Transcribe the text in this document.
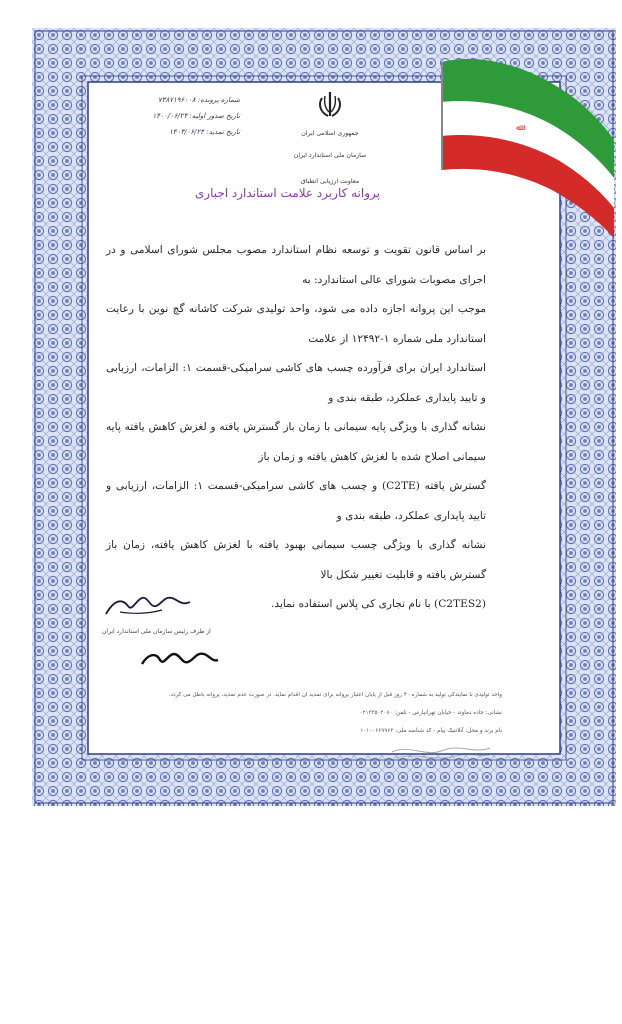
ﷲ
جمهوری اسلامی ایران
سازمان ملی استاندارد ایران
معاونت ارزیابی انطباق
شماره پرونده: ۷۳۸۷۱۹۶۰۰۸
تاریخ صدور اولیه: ۱۴۰۰/۰۶/۲۴
تاریخ تمدید: ۱۴۰۳/۰۶/۲۴
پروانه کاربرد علامت استاندارد اجباری
بر اساس قانون تقویت و توسعه نظام استاندارد مصوب مجلس شورای اسلامی و در اجرای مصوبات شورای عالی استاندارد: به
موجب این پروانه اجازه داده می شود، واحد تولیدی شرکت کاشانه گچ نوین با رعایت استاندارد ملی شماره ۱-۱۲۴۹۲ از علامت
استاندارد ایران برای فرآورده چسب های کاشی سرامیکی-قسمت ۱: الزامات، ارزیابی و تایید پایداری عملکرد، طبقه بندی و
نشانه گذاری با ویژگی پایه سیمانی با زمان باز گسترش یافته و لغزش کاهش یافته پایه سیمانی اصلاح شده با لغزش کاهش یافته و زمان باز
گسترش یافته (C2TE) و چسب های کاشی سرامیکی-قسمت ۱: الزامات، ارزیابی و تایید پایداری عملکرد، طبقه بندی و
نشانه گذاری با ویژگی چسب سیمانی بهبود یافته با لغزش کاهش یافته، زمان باز گسترش یافته و قابلیت تغییر شکل بالا
(C2TES2) با نام تجاری کی پلاس استفاده نماید.
از طرف رئیس سازمان ملی استاندارد ایران
واحد تولیدی با نمایندگی تولید به شماره ۴۰ روز قبل از پایان اعتبار پروانه برای تمدید آن اقدام نماید. در صورت عدم تمدید، پروانه باطل می گردد.
نشانی: جاده دماوند - خیابان تهرانپارس - تلفن: ۰۲۱۳۳۵۰۲۰۸۰
نام برند و محل: آتلانتیک پیام - کد شناسه ملی: ۱۰۱۰۰۶۶۹۹۶۳
